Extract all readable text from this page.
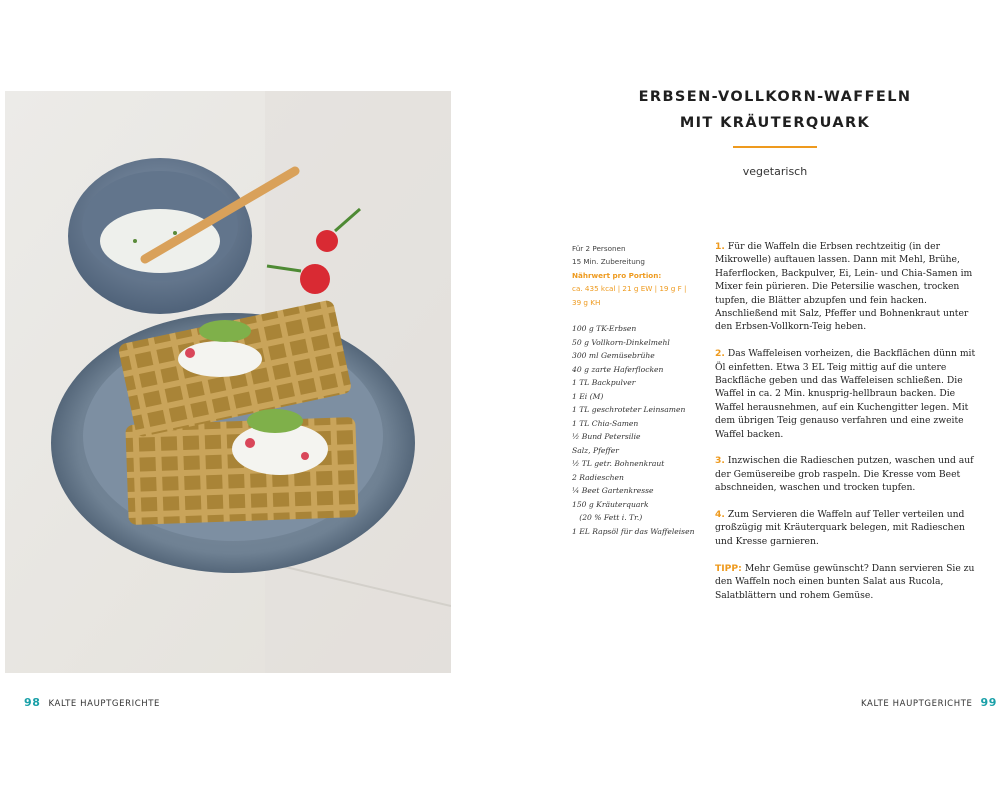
ERBSEN-VOLLKORN-WAFFELN
MIT KRÄUTERQUARK
vegetarisch
Für 2 Personen
15 Min. Zubereitung
Nährwert pro Portion:
ca. 435 kcal | 21 g EW | 19 g F |
39 g KH
100 g TK-Erbsen
50 g Vollkorn-Dinkelmehl
300 ml Gemüsebrühe
40 g zarte Haferflocken
1 TL Backpulver
1 Ei (M)
1 TL geschroteter Leinsamen
1 TL Chia-Samen
½ Bund Petersilie
Salz, Pfeffer
½ TL getr. Bohnenkraut
2 Radieschen
¼ Beet Gartenkresse
150 g Kräuterquark
(20 % Fett i. Tr.)
1 EL Rapsöl für das Waffeleisen

1. Für die Waffeln die Erbsen rechtzeitig (in der Mikrowelle) auftauen lassen. Dann mit Mehl, Brühe, Haferflocken, Backpulver, Ei, Lein- und Chia-Samen im Mixer fein pürieren. Die Petersilie waschen, trocken tupfen, die Blätter abzupfen und fein hacken. Anschließend mit Salz, Pfeffer und Bohnenkraut unter den Erbsen-Vollkorn-Teig heben.

2. Das Waffeleisen vorheizen, die Backflächen dünn mit Öl einfetten. Etwa 3 EL Teig mittig auf die untere Backfläche geben und das Waffeleisen schließen. Die Waffel in ca. 2 Min. knusprig-hellbraun backen. Die Waffel herausnehmen, auf ein Kuchengitter legen. Mit dem übrigen Teig genauso verfahren und eine zweite Waffel backen.

3. Inzwischen die Radieschen putzen, waschen und auf der Gemüsereibe grob raspeln. Die Kresse vom Beet abschneiden, waschen und trocken tupfen.

4. Zum Servieren die Waffeln auf Teller verteilen und großzügig mit Kräuterquark belegen, mit Radieschen und Kresse garnieren.

TIPP: Mehr Gemüse gewünscht? Dann servieren Sie zu den Waffeln noch einen bunten Salat aus Rucola, Salatblättern und rohem Gemüse.

98 KALTE HAUPTGERICHTE	KALTE HAUPTGERICHTE 99
